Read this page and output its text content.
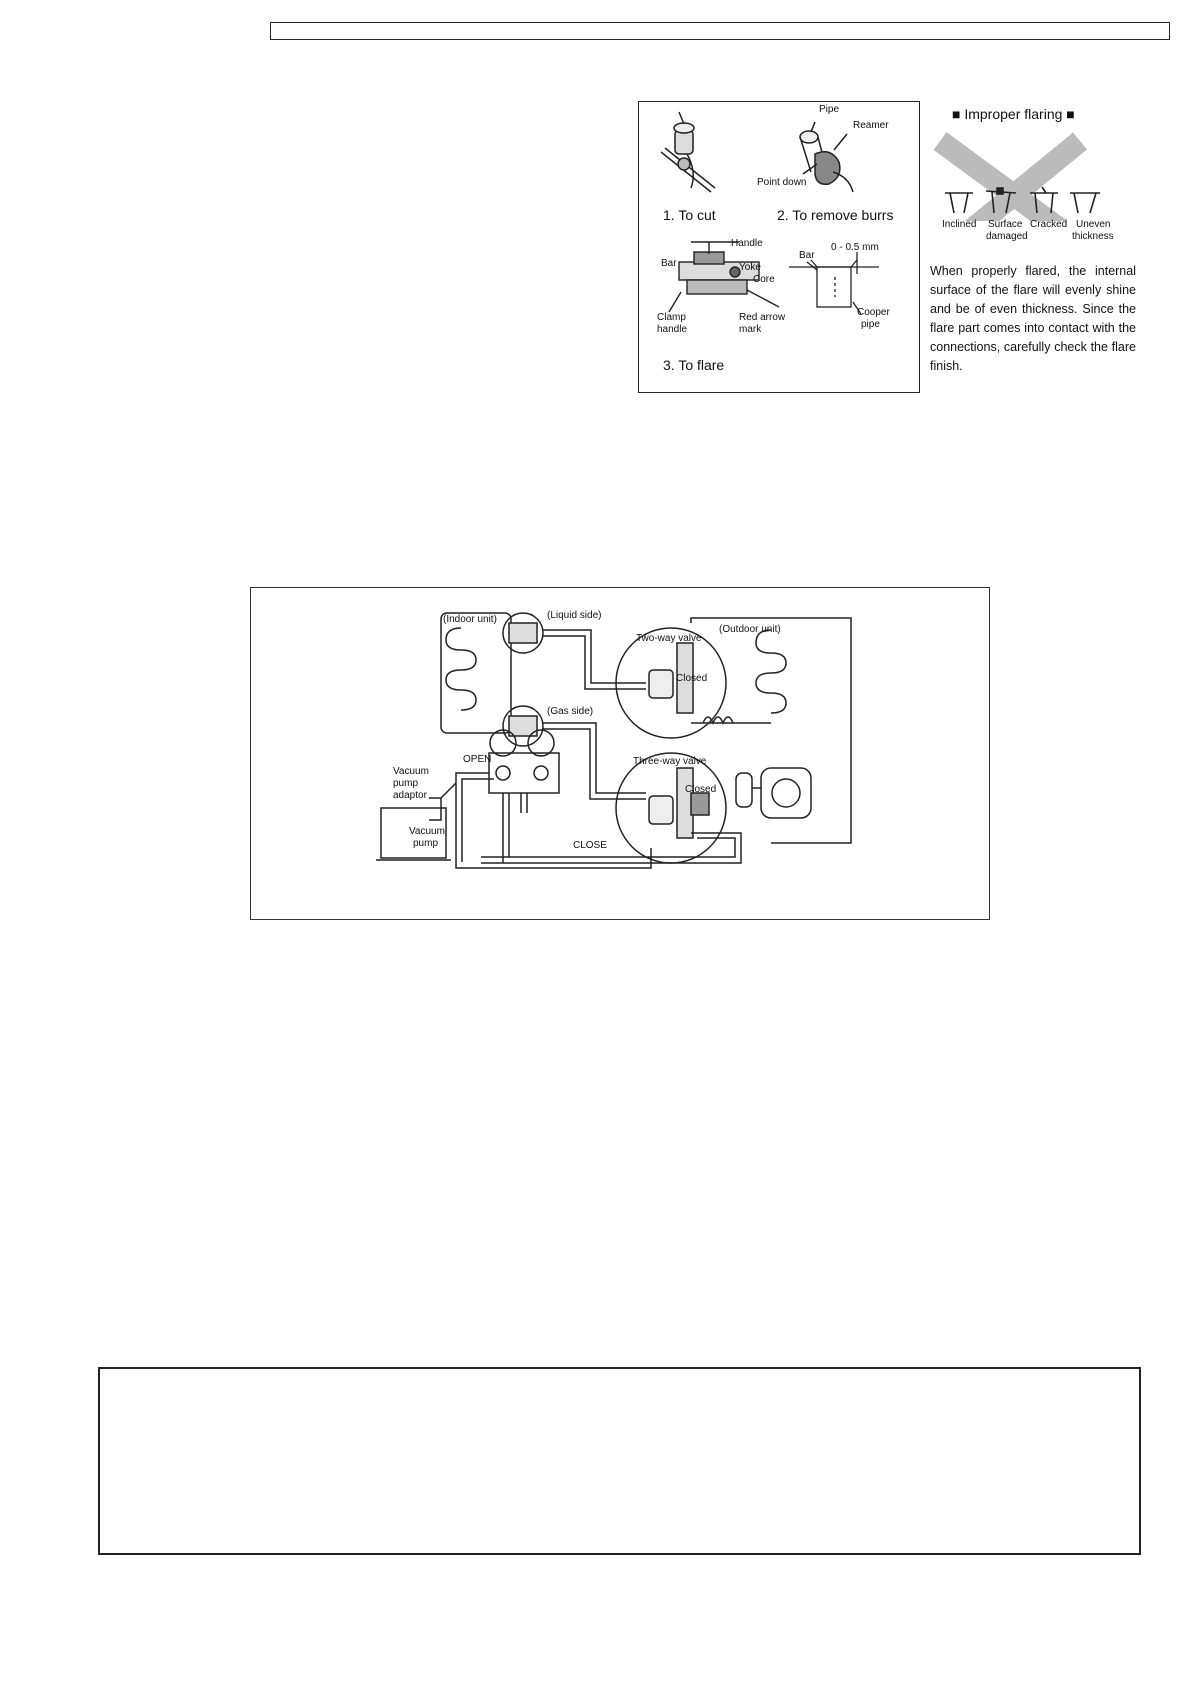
Pipe
Reamer
Point down
1. To cut	2. To remove burrs
Handle
Bar	Yoke
Core
Clamp
handle
Red arrow
mark
Bar
0 - 0.5 mm
Cooper
pipe
3. To flare
■ Improper flaring ■
Inclined Surface
damaged
Cracked Uneven
thickness
When properly flared, the internal surface of the flare will evenly shine and be of even thickness. Since the flare part comes into contact with the connections, carefully check the flare finish.
(Indoor unit)	(Liquid side)
(Gas side)
Two-way valve
(Outdoor unit)
Closed
Three-way valve
Closed
OPEN
CLOSE
Vacuum
pump
adaptor
Vacuum
pump
